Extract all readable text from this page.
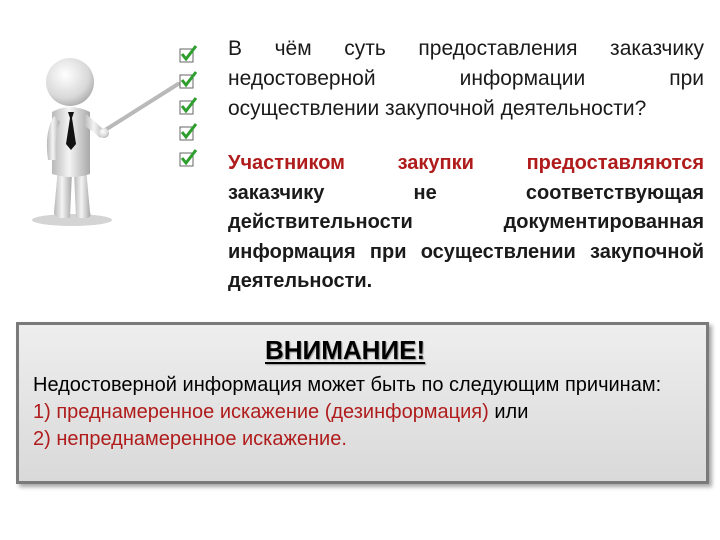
В чём суть предоставления заказчику недостоверной информации при осуществлении закупочной деятельности?
Участником закупки предоставляются заказчику не соответствующая действительности документированная информация при осуществлении закупочной деятельности.
ВНИМАНИЕ!

Недостоверной информация может быть по следующим причинам:

1) преднамеренное искажение (дезинформация) или

2) непреднамеренное искажение.
